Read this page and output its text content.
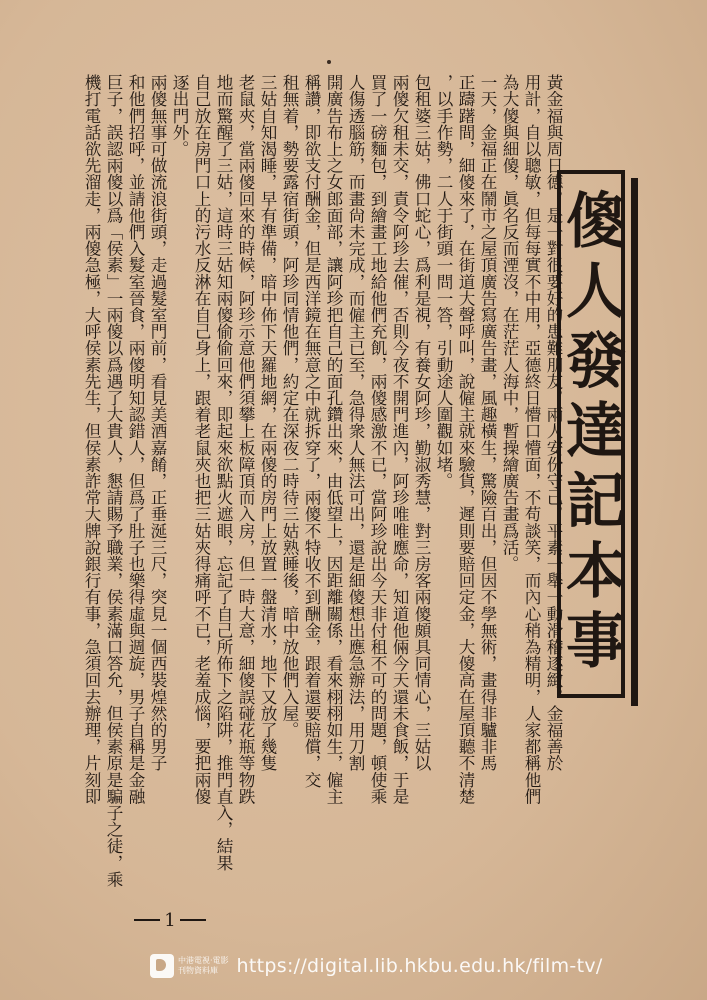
傻人發達記本事
黃金福與周日德，是一對很要好的患難朋友，兩人安份守己，平素一舉一動滑稽逐緻，金福善於
用計，自以聰敏，但每每實不中用，亞德終日懵口懵面，不苟談笑，而內心稍為精明，人家都稱他們
為大傻與細傻，眞名反而湮沒，在茫茫人海中，暫操繪廣告畫爲活。
一天，金福正在鬧市之屋頂廣告寫廣告畫，風趣橫生，驚險百出，但因不學無術，畫得非驢非馬
正躊躇間，細傻來了，在街道大聲呼叫，說僱主就來驗貨，遲則要賠回定金，大傻高在屋頂聽不清楚
，以手作勢，二人于街頭一問一答，引動途人圍觀如堵。
包租婆三姑，佛口蛇心，爲利是視，有養女阿珍，勤淑秀慧，對三房客兩傻頗具同情心，三姑以
兩傻欠租未交，責令阿珍去催，否則今夜不開門進內，阿珍唯唯應命，知道他倆今天還未食飯，于是
買了一磅麵包，到繪畫工地給他們充飢，兩傻感激不已，當阿珍說出今天非付租不可的問題，頓使乘
人傷透腦筋，而畫尙未完成，而僱主已至，急得衆人無法可出，還是細傻想出應急辦法，用刀割
開廣告布上之女郎面部，讓阿珍把自己的面孔鑽出來，由低望上，因距離關係，看來栩栩如生，僱主
稱讚，即欲支付酬金，但是西洋鏡在無意之中就拆穿了，兩傻不特收不到酬金，跟着還要賠償，交
租無着，勢要露宿街頭，阿珍同情他們，約定在深夜二時待三姑熟睡後，暗中放他們入屋。
三姑自知渴睡，早有準備，暗中佈下天羅地網，在兩傻的房門上放置一盤清水，地下又放了幾隻
老鼠夾，當兩傻回來的時候，阿珍示意他們須攀上板障頂而入房，但一時大意，細傻誤碰花瓶等物跌
地而驚醒了三姑，這時三姑知兩傻偷偷回來，即起來欲點火遮眼，忘記了自己所佈下之陷阱，推門直入，結果
自己放在房門口上的污水反淋在自己身上，跟着老鼠夾也把三姑夾得痛呼不已，老羞成惱，要把兩傻
逐出門外。
兩傻無事可做流浪街頭，走過髮室門前，看見美酒嘉餚，正垂涎三尺，突見一個西裝煌然的男子
和他們招呼，並請他們入髮室晉食，兩傻明知認錯人，但爲了肚子也樂得虛與週旋，男子自稱是金融
巨子，誤認兩傻以爲「侯素」一兩傻以爲遇了大貴人，懇請賜予職業，侯素滿口答允，但侯素原是騙子之徒，乘
機打電話欲先溜走，兩傻急極，大呼侯素先生，但侯素詐常大牌說銀行有事，急須回去辦理，片刻即
1
中港電視‧電影
刊物資料庫 https://digital.lib.hkbu.edu.hk/film-tv/
